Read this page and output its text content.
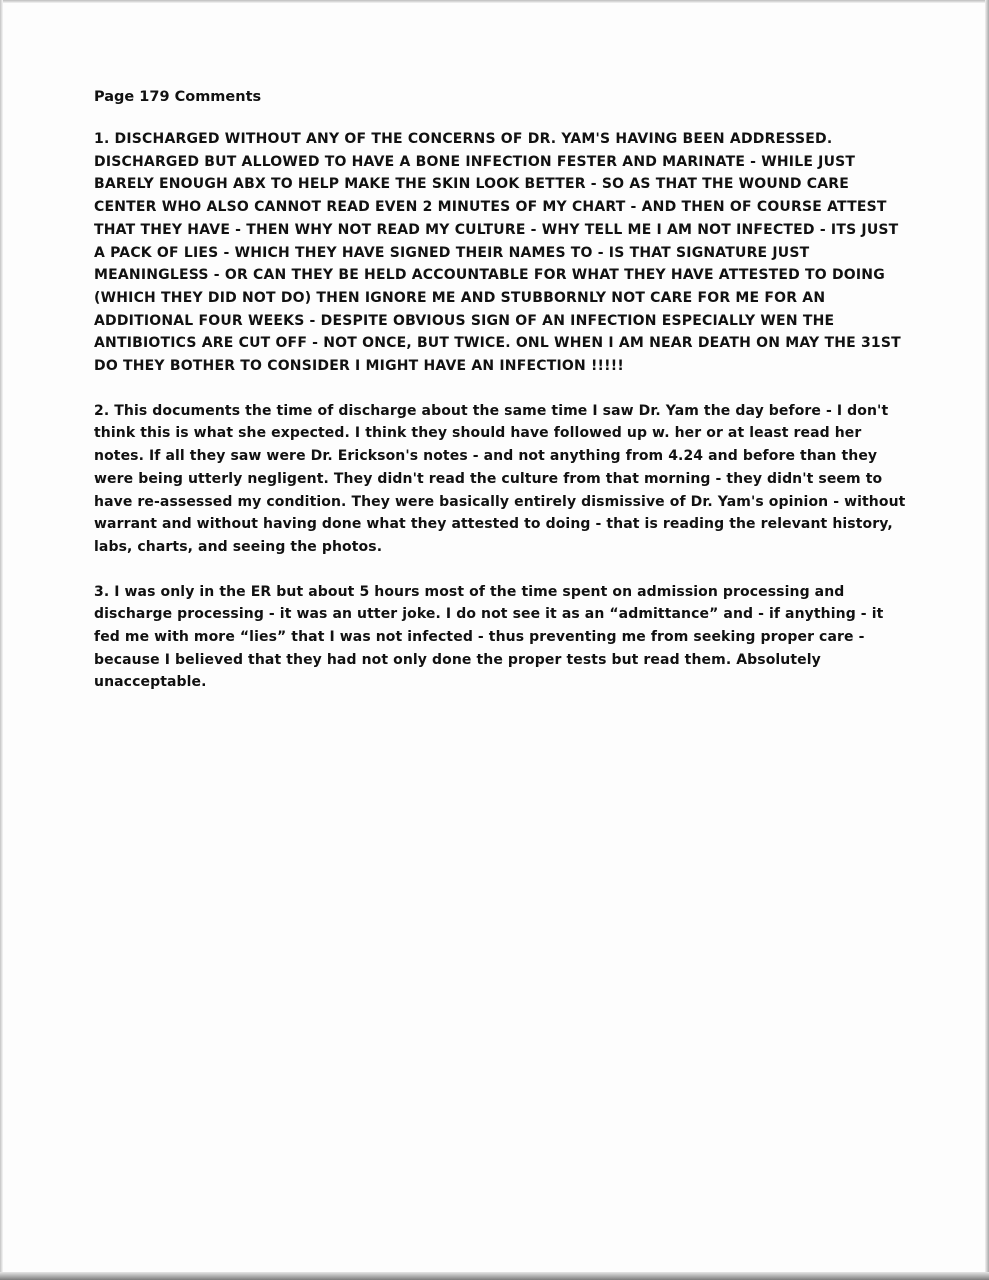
Page 179 Comments

1. DISCHARGED WITHOUT ANY OF THE CONCERNS OF DR. YAM'S HAVING BEEN ADDRESSED. DISCHARGED BUT ALLOWED TO HAVE A BONE INFECTION FESTER AND MARINATE - WHILE JUST BARELY ENOUGH ABX TO HELP MAKE THE SKIN LOOK BETTER - SO AS THAT THE WOUND CARE CENTER WHO ALSO CANNOT READ EVEN 2 MINUTES OF MY CHART - AND THEN OF COURSE ATTEST THAT THEY HAVE - THEN WHY NOT READ MY CULTURE - WHY TELL ME I AM NOT INFECTED - ITS JUST A PACK OF LIES - WHICH THEY HAVE SIGNED THEIR NAMES TO - IS THAT SIGNATURE JUST MEANINGLESS - OR CAN THEY BE HELD ACCOUNTABLE FOR WHAT THEY HAVE ATTESTED TO DOING (WHICH THEY DID NOT DO) THEN IGNORE ME AND STUBBORNLY NOT CARE FOR ME FOR AN ADDITIONAL FOUR WEEKS - DESPITE OBVIOUS SIGN OF AN INFECTION ESPECIALLY WEN THE ANTIBIOTICS ARE CUT OFF - NOT ONCE, BUT TWICE. ONL WHEN I AM NEAR DEATH ON MAY THE 31ST DO THEY BOTHER TO CONSIDER I MIGHT HAVE AN INFECTION !!!!!

2. This documents the time of discharge about the same time I saw Dr. Yam the day before - I don't think this is what she expected. I think they should have followed up w. her or at least read her notes. If all they saw were Dr. Erickson's notes - and not anything from 4.24 and before than they were being utterly negligent. They didn't read the culture from that morning - they didn't seem to have re-assessed my condition. They were basically entirely dismissive of Dr. Yam's opinion - without warrant and without having done what they attested to doing - that is reading the relevant history, labs, charts, and seeing the photos.

3. I was only in the ER but about 5 hours most of the time spent on admission processing and discharge processing - it was an utter joke. I do not see it as an “admittance” and - if anything - it fed me with more “lies” that I was not infected - thus preventing me from seeking proper care - because I believed that they had not only done the proper tests but read them. Absolutely unacceptable.
